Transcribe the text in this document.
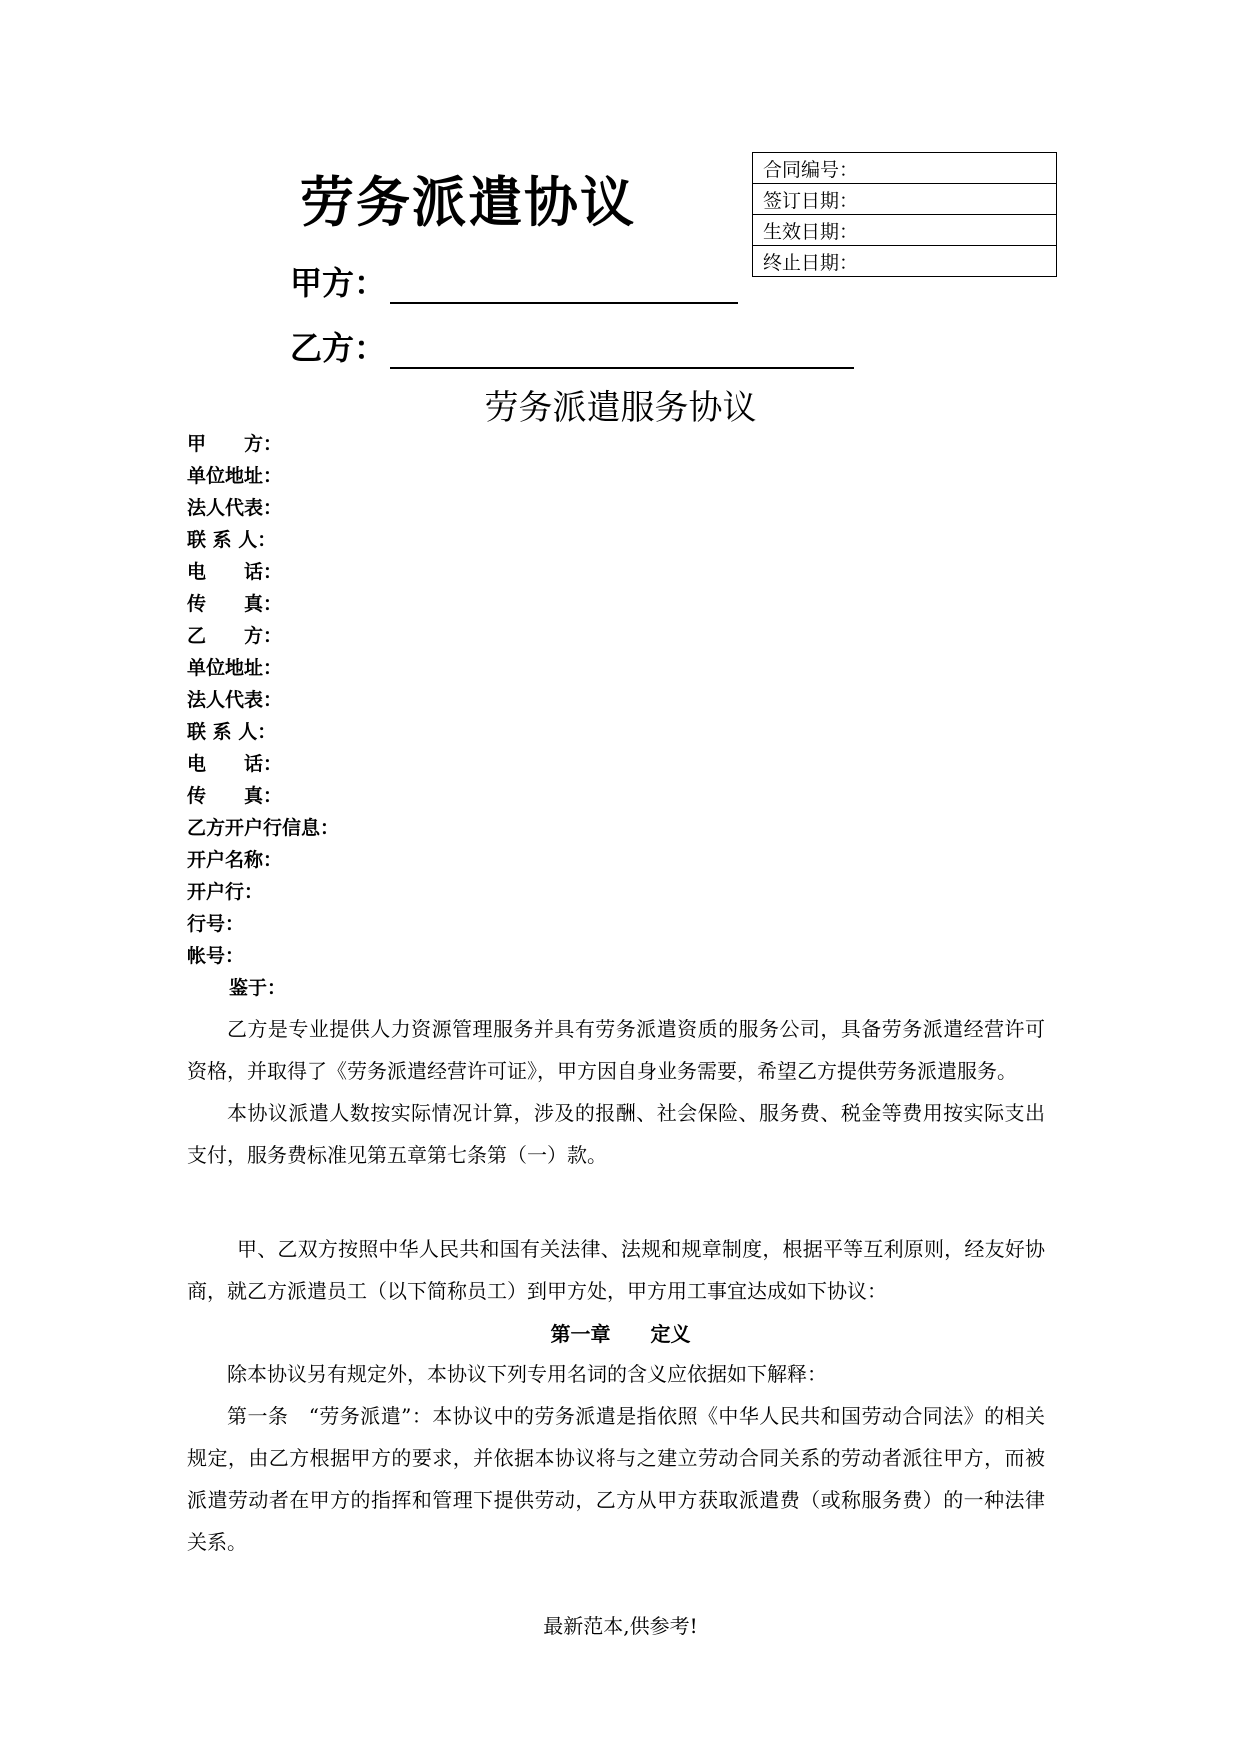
劳务派遣协议
甲方：
乙方：
合同编号：
签订日期：
生效日期：
终止日期：
劳务派遣服务协议
甲　　方：
单位地址：
法人代表：
联 系 人：
电　　话：
传　　真：
乙　　方：
单位地址：
法人代表：
联 系 人：
电　　话：
传　　真：
乙方开户行信息：
开户名称：
开户行：
行号：
帐号：
鉴于：

乙方是专业提供人力资源管理服务并具有劳务派遣资质的服务公司，具备劳务派遣经营许可资格，并取得了《劳务派遣经营许可证》，甲方因自身业务需要，希望乙方提供劳务派遣服务。

本协议派遣人数按实际情况计算，涉及的报酬、社会保险、服务费、税金等费用按实际支出支付，服务费标准见第五章第七条第（一）款。

甲、乙双方按照中华人民共和国有关法律、法规和规章制度，根据平等互利原则，经友好协商，就乙方派遣员工（以下简称员工）到甲方处，甲方用工事宜达成如下协议：

第一章　　定义

除本协议另有规定外，本协议下列专用名词的含义应依据如下解释：

第一条　“劳务派遣”：本协议中的劳务派遣是指依照《中华人民共和国劳动合同法》的相关规定，由乙方根据甲方的要求，并依据本协议将与之建立劳动合同关系的劳动者派往甲方，而被派遣劳动者在甲方的指挥和管理下提供劳动，乙方从甲方获取派遣费（或称服务费）的一种法律关系。

最新范本,供参考!
